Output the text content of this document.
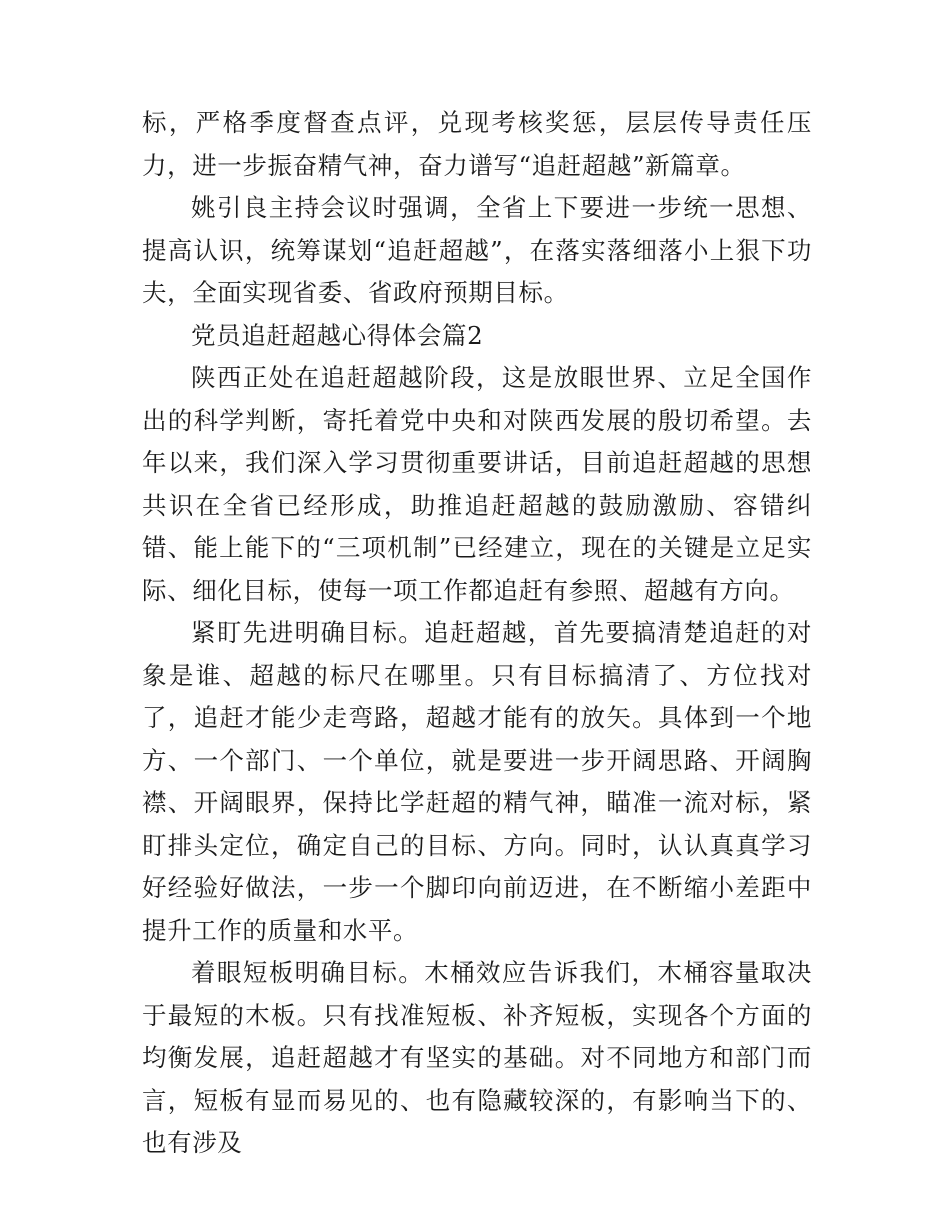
标，严格季度督查点评，兑现考核奖惩，层层传导责任压力，进一步振奋精气神，奋力谱写“追赶超越”新篇章。

姚引良主持会议时强调，全省上下要进一步统一思想、提高认识，统筹谋划“追赶超越”，在落实落细落小上狠下功夫，全面实现省委、省政府预期目标。

党员追赶超越心得体会篇2

陕西正处在追赶超越阶段，这是放眼世界、立足全国作出的科学判断，寄托着党中央和对陕西发展的殷切希望。去年以来，我们深入学习贯彻重要讲话，目前追赶超越的思想共识在全省已经形成，助推追赶超越的鼓励激励、容错纠错、能上能下的“三项机制”已经建立，现在的关键是立足实际、细化目标，使每一项工作都追赶有参照、超越有方向。

紧盯先进明确目标。追赶超越，首先要搞清楚追赶的对象是谁、超越的标尺在哪里。只有目标搞清了、方位找对了，追赶才能少走弯路，超越才能有的放矢。具体到一个地方、一个部门、一个单位，就是要进一步开阔思路、开阔胸襟、开阔眼界，保持比学赶超的精气神，瞄准一流对标，紧盯排头定位，确定自己的目标、方向。同时，认认真真学习好经验好做法，一步一个脚印向前迈进，在不断缩小差距中提升工作的质量和水平。

着眼短板明确目标。木桶效应告诉我们，木桶容量取决于最短的木板。只有找准短板、补齐短板，实现各个方面的均衡发展，追赶超越才有坚实的基础。对不同地方和部门而言，短板有显而易见的、也有隐藏较深的，有影响当下的、也有涉及
